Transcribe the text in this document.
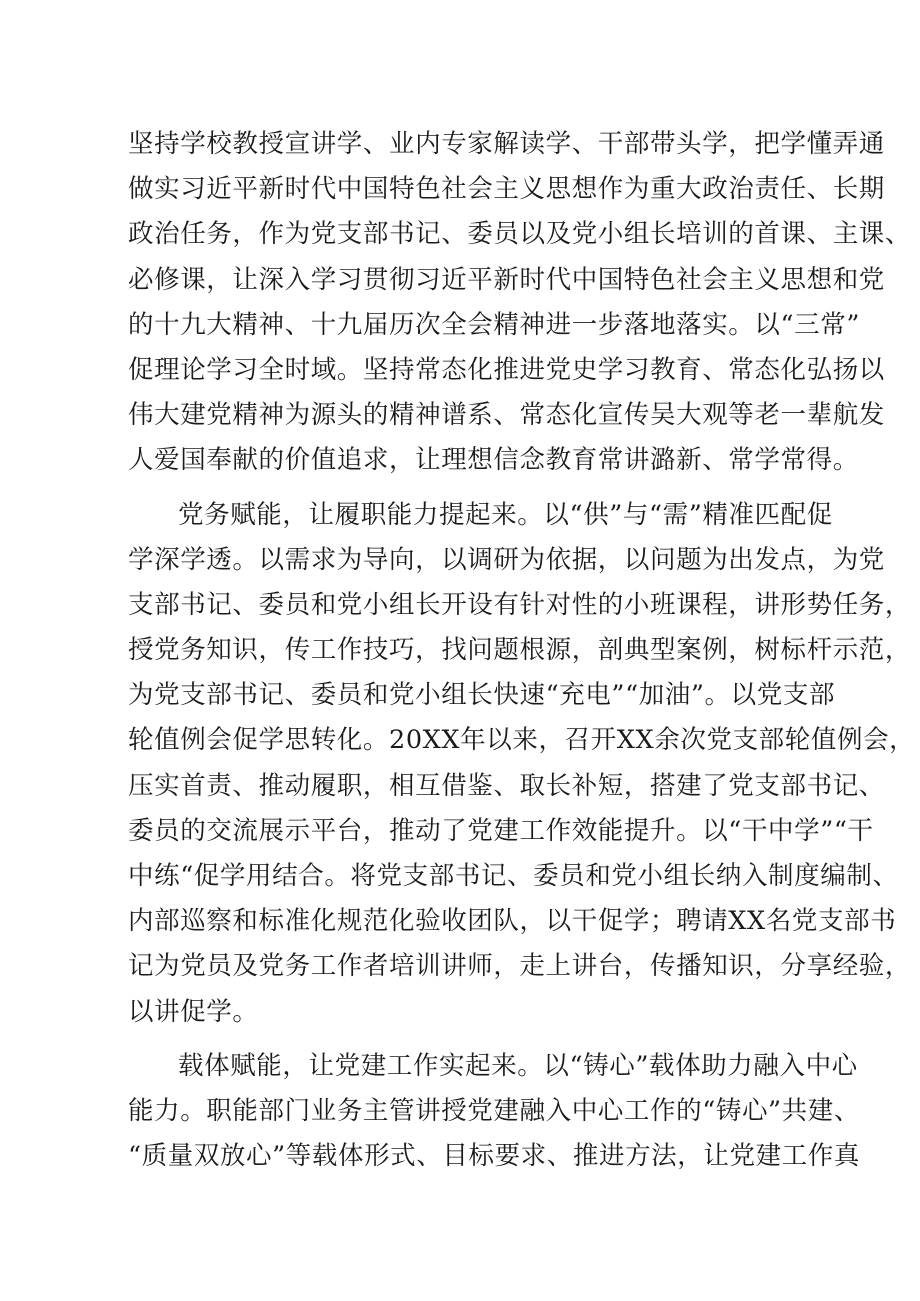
坚持学校教授宣讲学、业内专家解读学、干部带头学，把学懂弄通
做实习近平新时代中国特色社会主义思想作为重大政治责任、长期
政治任务，作为党支部书记、委员以及党小组长培训的首课、主课、
必修课，让深入学习贯彻习近平新时代中国特色社会主义思想和党
的十九大精神、十九届历次全会精神进一步落地落实。以“三常”
促理论学习全时域。坚持常态化推进党史学习教育、常态化弘扬以
伟大建党精神为源头的精神谱系、常态化宣传吴大观等老一辈航发
人爱国奉献的价值追求，让理想信念教育常讲潞新、常学常得。
党务赋能，让履职能力提起来。以“供”与“需”精准匹配促
学深学透。以需求为导向，以调研为依据，以问题为出发点，为党
支部书记、委员和党小组长开设有针对性的小班课程，讲形势任务，
授党务知识，传工作技巧，找问题根源，剖典型案例，树标杆示范，
为党支部书记、委员和党小组长快速“充电”“加油”。以党支部
轮值例会促学思转化。20XX年以来，召开XX余次党支部轮值例会，
压实首责、推动履职，相互借鉴、取长补短，搭建了党支部书记、
委员的交流展示平台，推动了党建工作效能提升。以“干中学”“干
中练“促学用结合。将党支部书记、委员和党小组长纳入制度编制、
内部巡察和标准化规范化验收团队，以干促学；聘请XX名党支部书
记为党员及党务工作者培训讲师，走上讲台，传播知识，分享经验，
以讲促学。
载体赋能，让党建工作实起来。以“铸心”载体助力融入中心
能力。职能部门业务主管讲授党建融入中心工作的“铸心”共建、
“质量双放心”等载体形式、目标要求、推进方法，让党建工作真
